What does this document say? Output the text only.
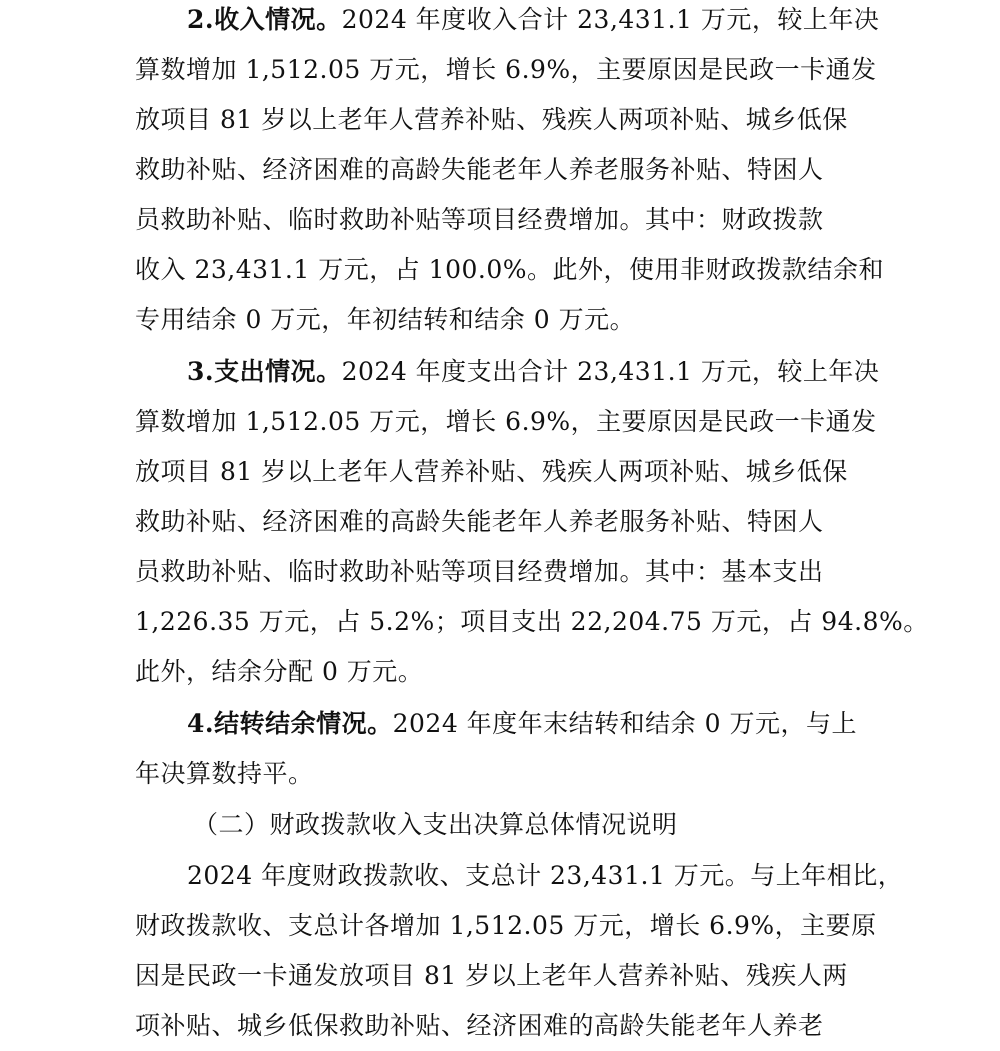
2.收入情况。2024 年度收入合计 23,431.1 万元，较上年决
算数增加 1,512.05 万元，增长 6.9%，主要原因是民政一卡通发
放项目 81 岁以上老年人营养补贴、残疾人两项补贴、城乡低保
救助补贴、经济困难的高龄失能老年人养老服务补贴、特困人
员救助补贴、临时救助补贴等项目经费增加。其中：财政拨款
收入 23,431.1 万元，占 100.0%。此外，使用非财政拨款结余和
专用结余 0 万元，年初结转和结余 0 万元。
3.支出情况。2024 年度支出合计 23,431.1 万元，较上年决
算数增加 1,512.05 万元，增长 6.9%，主要原因是民政一卡通发
放项目 81 岁以上老年人营养补贴、残疾人两项补贴、城乡低保
救助补贴、经济困难的高龄失能老年人养老服务补贴、特困人
员救助补贴、临时救助补贴等项目经费增加。其中：基本支出
1,226.35 万元，占 5.2%；项目支出 22,204.75 万元，占 94.8%。
此外，结余分配 0 万元。
4.结转结余情况。2024 年度年末结转和结余 0 万元，与上
年决算数持平。
（二）财政拨款收入支出决算总体情况说明
2024 年度财政拨款收、支总计 23,431.1 万元。与上年相比，
财政拨款收、支总计各增加 1,512.05 万元，增长 6.9%，主要原
因是民政一卡通发放项目 81 岁以上老年人营养补贴、残疾人两
项补贴、城乡低保救助补贴、经济困难的高龄失能老年人养老
